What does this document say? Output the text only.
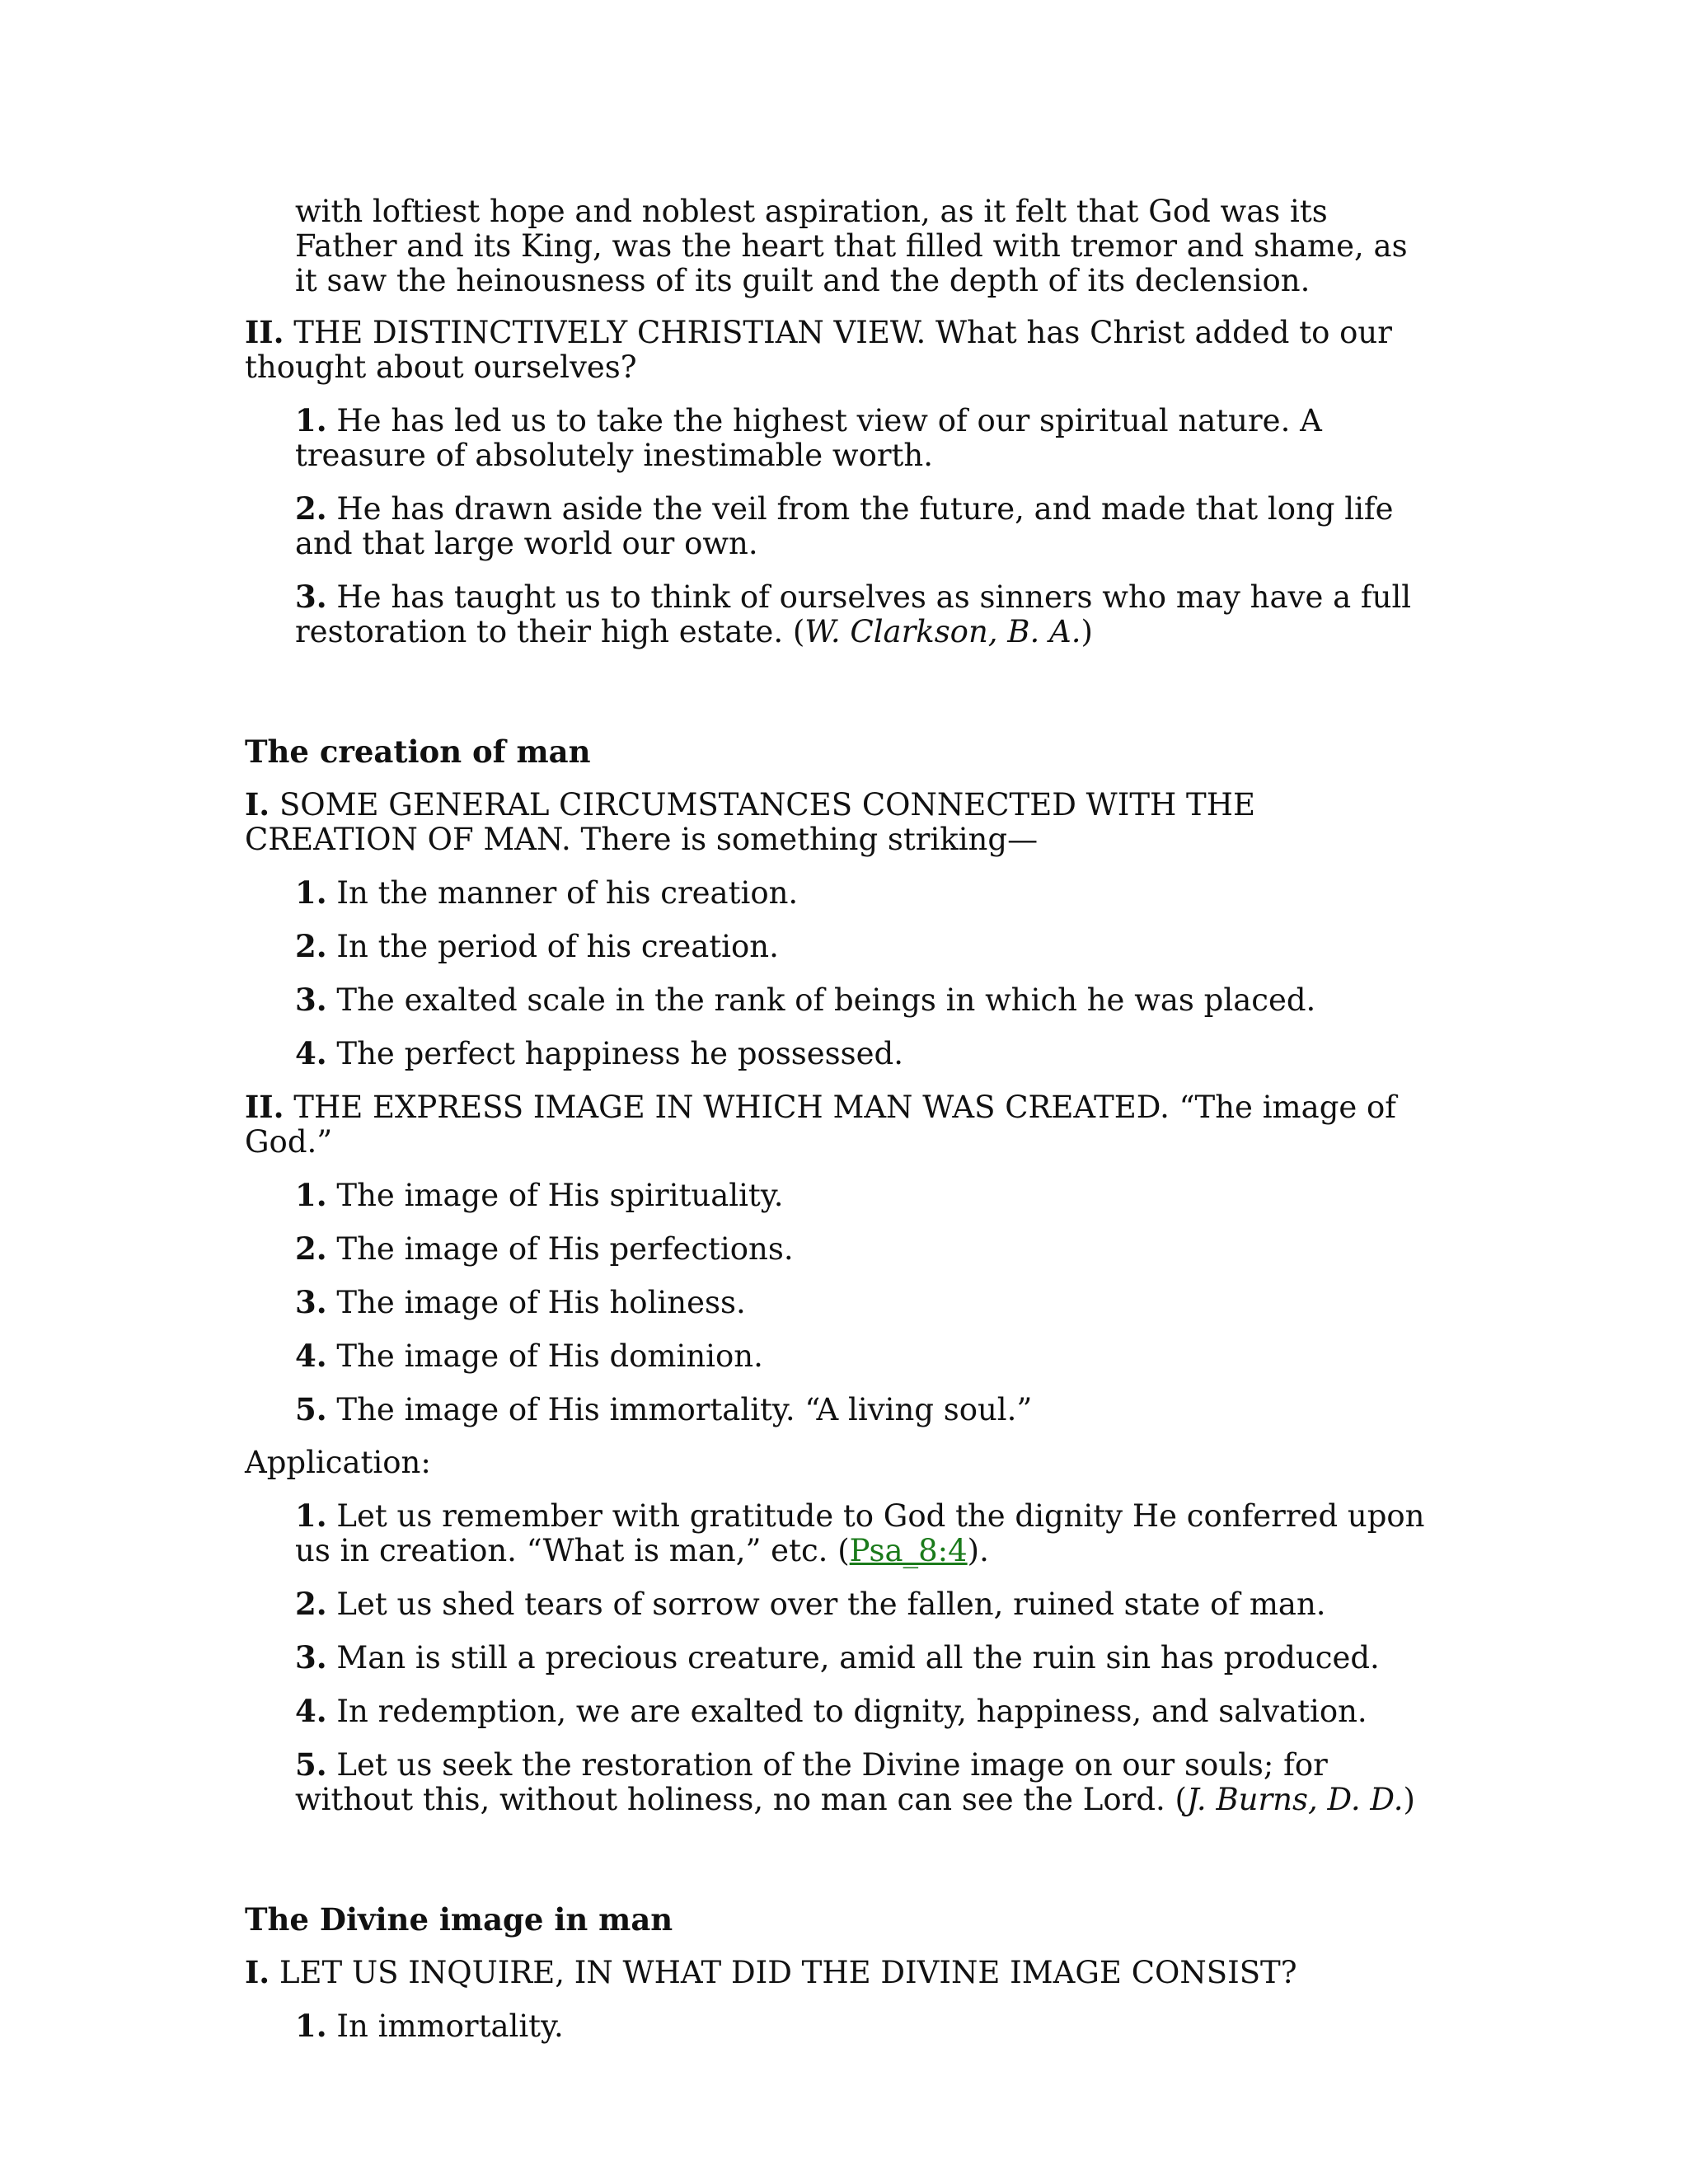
with loftiest hope and noblest aspiration, as it felt that God was its Father and its King, was the heart that filled with tremor and shame, as it saw the heinousness of its guilt and the depth of its declension.

II. THE DISTINCTIVELY CHRISTIAN VIEW. What has Christ added to our thought about ourselves?

1. He has led us to take the highest view of our spiritual nature. A treasure of absolutely inestimable worth.

2. He has drawn aside the veil from the future, and made that long life and that large world our own.

3. He has taught us to think of ourselves as sinners who may have a full restoration to their high estate. (W. Clarkson, B. A.)

The creation of man

I. SOME GENERAL CIRCUMSTANCES CONNECTED WITH THE CREATION OF MAN. There is something striking—

1. In the manner of his creation.

2. In the period of his creation.

3. The exalted scale in the rank of beings in which he was placed.

4. The perfect happiness he possessed.

II. THE EXPRESS IMAGE IN WHICH MAN WAS CREATED. “The image of God.”

1. The image of His spirituality.

2. The image of His perfections.

3. The image of His holiness.

4. The image of His dominion.

5. The image of His immortality. “A living soul.”

Application:

1. Let us remember with gratitude to God the dignity He conferred upon us in creation. “What is man,” etc. (Psa_8:4).

2. Let us shed tears of sorrow over the fallen, ruined state of man.

3. Man is still a precious creature, amid all the ruin sin has produced.

4. In redemption, we are exalted to dignity, happiness, and salvation.

5. Let us seek the restoration of the Divine image on our souls; for without this, without holiness, no man can see the Lord. (J. Burns, D. D.)

The Divine image in man

I. LET US INQUIRE, IN WHAT DID THE DIVINE IMAGE CONSIST?

1. In immortality.
